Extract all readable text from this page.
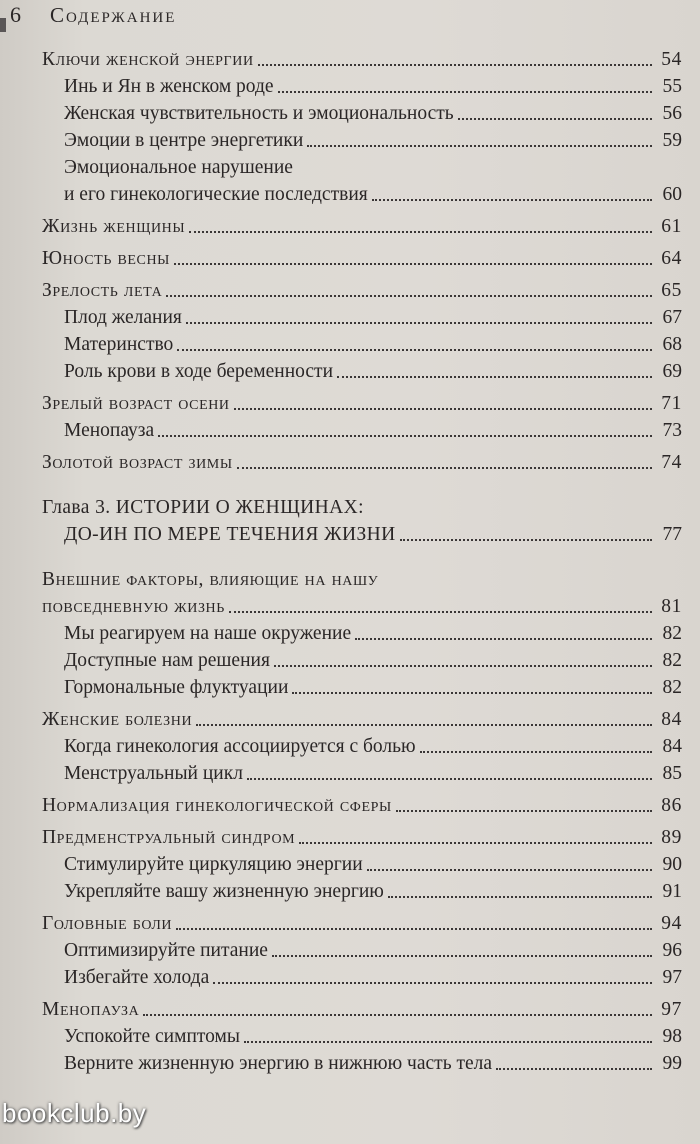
6	Содержание
Ключи женской энергии	54
Инь и Ян в женском роде	55
Женская чувствительность и эмоциональность	56
Эмоции в центре энергетики	59
Эмоциональное нарушение
и его гинекологические последствия	60
Жизнь женщины	61
Юность весны	64
Зрелость лета	65
Плод желания	67
Материнство	68
Роль крови в ходе беременности	69
Зрелый возраст осени	71
Менопауза	73
Золотой возраст зимы	74
Глава 3. ИСТОРИИ О ЖЕНЩИНАХ:
ДО-ИН ПО МЕРЕ ТЕЧЕНИЯ ЖИЗНИ	77
Внешние факторы, влияющие на нашу
повседневную жизнь	81
Мы реагируем на наше окружение	82
Доступные нам решения	82
Гормональные флуктуации	82
Женские болезни	84
Когда гинекология ассоциируется с болью	84
Менструальный цикл	85
Нормализация гинекологической сферы	86
Предменструальный синдром	89
Стимулируйте циркуляцию энергии	90
Укрепляйте вашу жизненную энергию	91
Головные боли	94
Оптимизируйте питание	96
Избегайте холода	97
Менопауза	97
Успокойте симптомы	98
Верните жизненную энергию в нижнюю часть тела	99
bookclub.by
